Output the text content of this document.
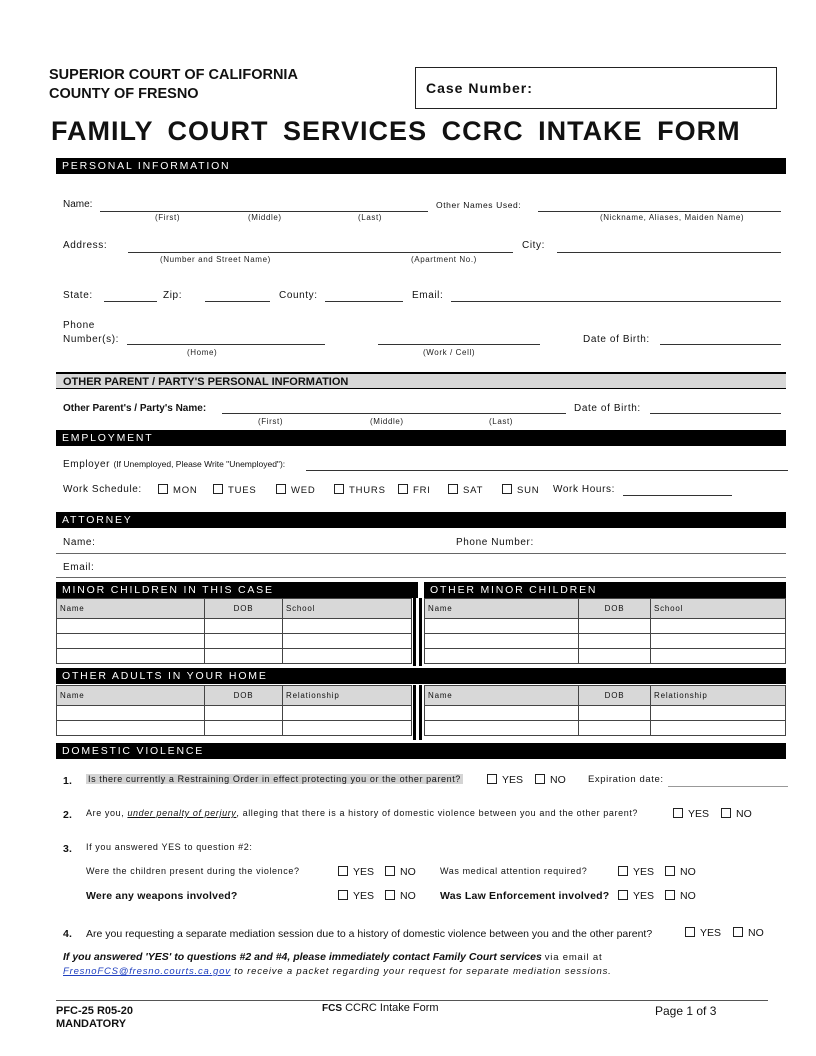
SUPERIOR COURT OF CALIFORNIA
COUNTY OF FRESNO	Case Number:
FAMILY COURT SERVICES CCRC INTAKE FORM
PERSONAL INFORMATION
Name:
(First)	(Middle)	(Last)
Other Names Used:
(Nickname, Aliases, Maiden Name)
Address:
(Number and Street Name)	(Apartment No.)
City:
State:	Zip:	County:	Email:
Phone
Number(s):
(Home)	(Work / Cell)
Date of Birth:
OTHER PARENT / PARTY'S PERSONAL INFORMATION
Other Parent's / Party's Name:
(First)	(Middle)	(Last)
Date of Birth:
EMPLOYMENT
Employer (If Unemployed, Please Write "Unemployed"):
Work Schedule:	MON	TUES	WED	THURS	FRI	SAT	SUN Work Hours:
ATTORNEY
Name:	Phone Number:
Email:
MINOR CHILDREN IN THIS CASE	OTHER MINOR CHILDREN
Name	DOB	School

			Name	DOB	School

OTHER ADULTS IN YOUR HOME
Name	DOB	Relationship

			Name	DOB	Relationship

DOMESTIC VIOLENCE
1. Is there currently a Restraining Order in effect protecting you or the other parent?	YES	NO Expiration date:
2. Are you, under penalty of perjury, alleging that there is a history of domestic violence between you and the other parent?	YES	NO
3. If you answered YES to question #2:
Were the children present during the violence?	YES	NO	Was medical attention required?	YES	NO
Were any weapons involved?	YES	NO Was Law Enforcement involved?	YES	NO
4. Are you requesting a separate mediation session due to a history of domestic violence between you and the other parent?	YES	NO
If you answered 'YES' to questions #2 and #4, please immediately contact Family Court services via email at
FresnoFCS@fresno.courts.ca.gov to receive a packet regarding your request for separate mediation sessions.
PFC-25 R05-20
MANDATORY
FCS CCRC Intake Form	Page 1 of 3
